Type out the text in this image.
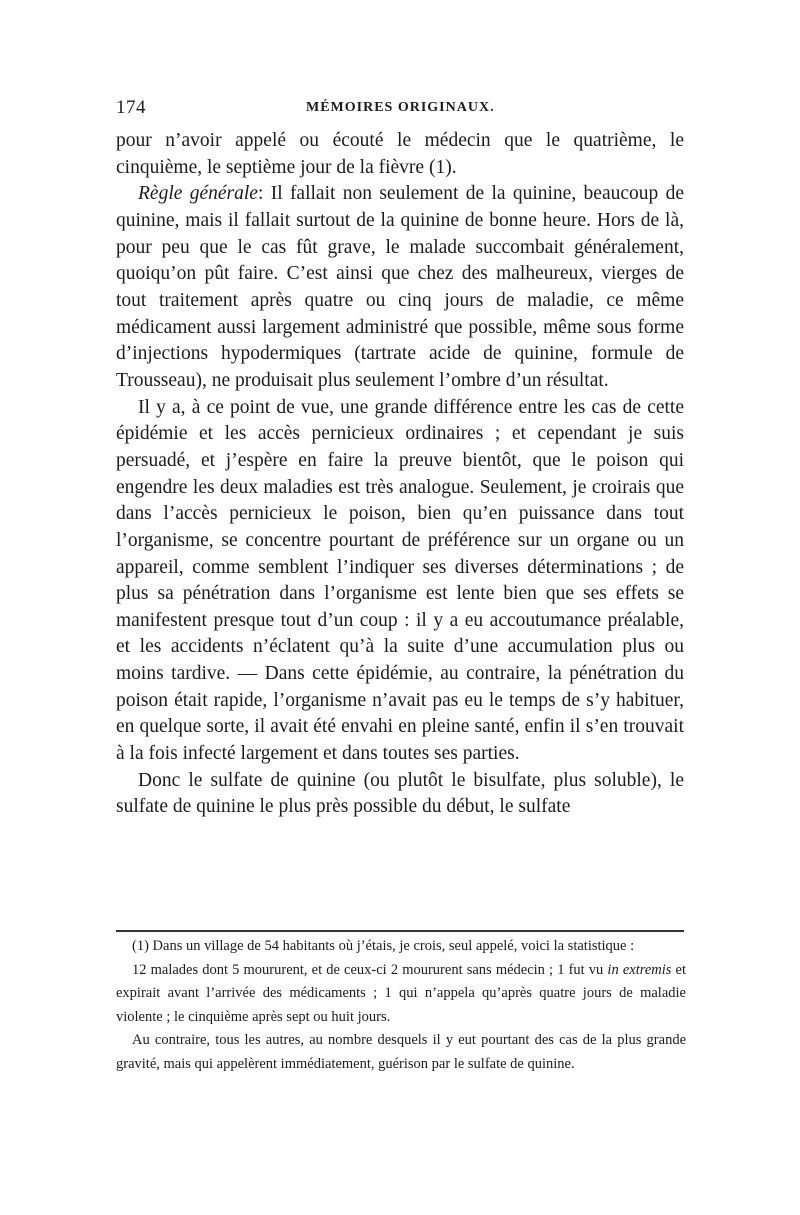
174	MÉMOIRES ORIGINAUX.

pour n’avoir appelé ou écouté le médecin que le quatrième, le cinquième, le septième jour de la fièvre (1).

Règle générale: Il fallait non seulement de la quinine, beaucoup de quinine, mais il fallait surtout de la quinine de bonne heure. Hors de là, pour peu que le cas fût grave, le malade succombait généralement, quoiqu’on pût faire. C’est ainsi que chez des malheureux, vierges de tout traitement après quatre ou cinq jours de maladie, ce même médicament aussi largement administré que possible, même sous forme d’injections hypodermiques (tartrate acide de quinine, formule de Trousseau), ne produisait plus seulement l’ombre d’un résultat.

Il y a, à ce point de vue, une grande différence entre les cas de cette épidémie et les accès pernicieux ordinaires ; et cependant je suis persuadé, et j’espère en faire la preuve bientôt, que le poison qui engendre les deux maladies est très analogue. Seulement, je croirais que dans l’accès pernicieux le poison, bien qu’en puissance dans tout l’organisme, se concentre pourtant de préférence sur un organe ou un appareil, comme semblent l’indiquer ses diverses déterminations ; de plus sa pénétration dans l’organisme est lente bien que ses effets se manifestent presque tout d’un coup : il y a eu accoutumance préalable, et les accidents n’éclatent qu’à la suite d’une accumulation plus ou moins tardive. — Dans cette épidémie, au contraire, la pénétration du poison était rapide, l’organisme n’avait pas eu le temps de s’y habituer, en quelque sorte, il avait été envahi en pleine santé, enfin il s’en trouvait à la fois infecté largement et dans toutes ses parties.

Donc le sulfate de quinine (ou plutôt le bisulfate, plus soluble), le sulfate de quinine le plus près possible du début, le sulfate

(1) Dans un village de 54 habitants où j’étais, je crois, seul appelé, voici la statistique :

12 malades dont 5 moururent, et de ceux-ci 2 moururent sans médecin ; 1 fut vu in extremis et expirait avant l’arrivée des médicaments ; 1 qui n’appela qu’après quatre jours de maladie violente ; le cinquième après sept ou huit jours.

Au contraire, tous les autres, au nombre desquels il y eut pourtant des cas de la plus grande gravité, mais qui appelèrent immédiatement, guérison par le sulfate de quinine.
